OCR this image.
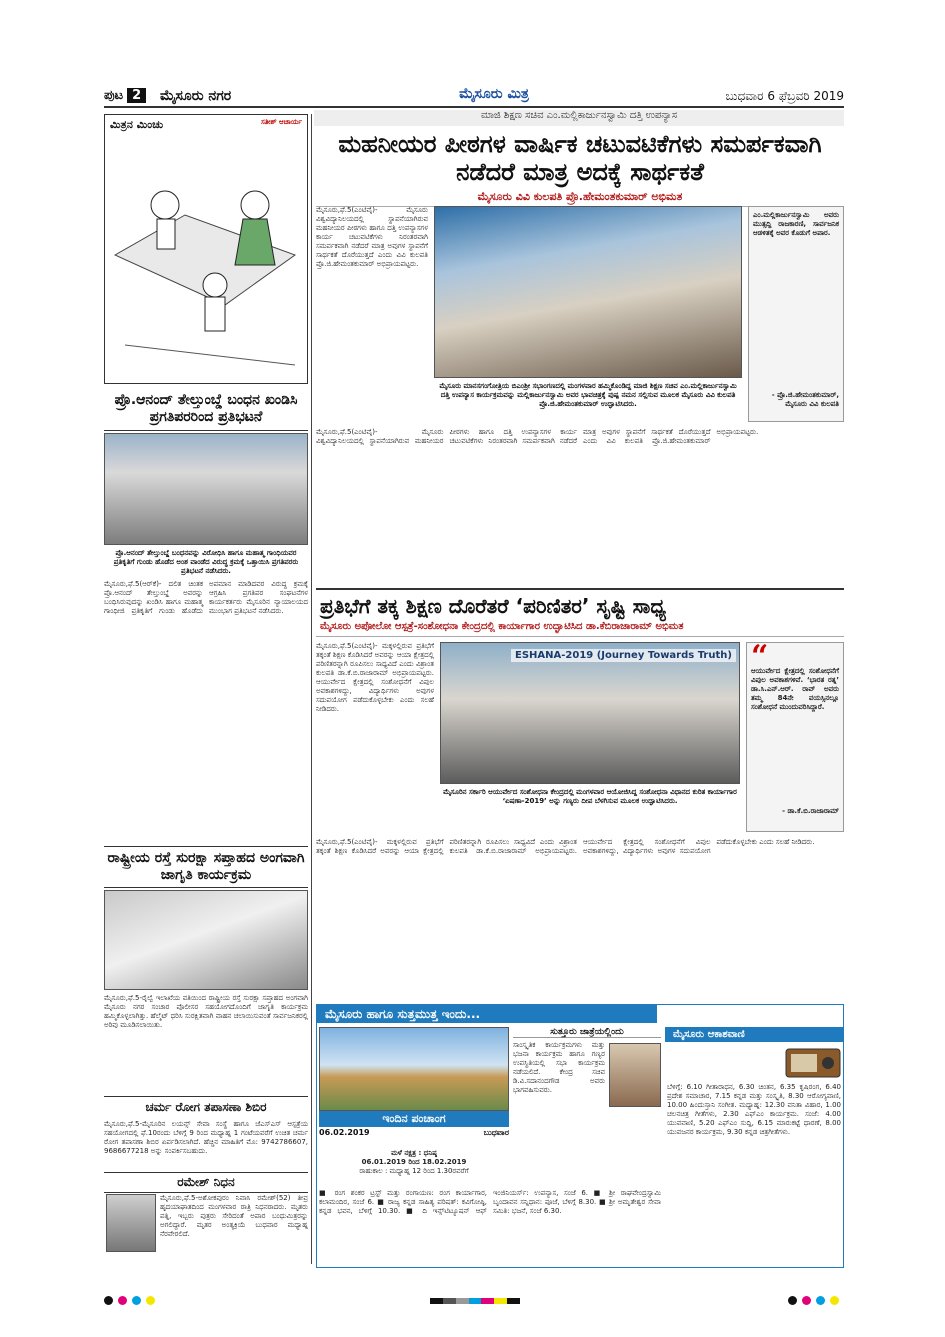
ಪುಟ 2	ಮೈಸೂರು ನಗರ	ಮೈಸೂರು ಮಿತ್ರ	ಬುಧವಾರ 6 ಫೆಬ್ರವರಿ 2019
ಮಾಜಿ ಶಿಕ್ಷಣ ಸಚಿವ ಎಂ.ಮಲ್ಲಿಕಾರ್ಜುನಸ್ವಾಮಿ ದತ್ತಿ ಉಪನ್ಯಾಸ
ಮಿತ್ರನ ಮಿಂಚು	ಸತೀಶ್ ಆಚಾರ್ಯ
ಪ್ರೊ.ಆನಂದ್ ತೇಲ್ತುಂಬ್ಡೆ ಬಂಧನ ಖಂಡಿಸಿ ಪ್ರಗತಿಪರರಿಂದ ಪ್ರತಿಭಟನೆ
ಪ್ರೊ.ಆನಂದ್ ತೇಲ್ತುಂಬ್ಡೆ ಬಂಧನವನ್ನು ವಿರೋಧಿಸಿ ಹಾಗೂ ಮಹಾತ್ಮ ಗಾಂಧಿಯವರ ಪ್ರತಿಕೃತಿಗೆ ಗುಂಡು ಹೊಡೆದ ಅಂಶ ವಾಂಡೆದ ವಿರುದ್ಧ ಕ್ರಮಕ್ಕೆ ಒತ್ತಾಯಿಸಿ ಪ್ರಗತಿಪರರು ಪ್ರತಿಭಟನೆ ನಡೆಸಿದರು.
ಮೈಸೂರು,ಫೆ.5(ಆರ್‌ಕೆ)- ದಲಿತ ಚಿಂತಕ ಪ್ರೊ.ಆನಂದ್ ತೇಲ್ತುಂಬ್ಡೆ ಅವರನ್ನು ಬಂಧಿಸಿರುವುದನ್ನು ಖಂಡಿಸಿ ಹಾಗೂ ಮಹಾತ್ಮ ಗಾಂಧೀಜಿ ಪ್ರತಿಕೃತಿಗೆ ಗುಂಡು ಹೊಡೆದು ಅಪಮಾನ ಮಾಡಿದವರ ವಿರುದ್ಧ ಕ್ರಮಕ್ಕೆ ಆಗ್ರಹಿಸಿ ಪ್ರಗತಿಪರ ಸಂಘಟನೆಗಳ ಕಾರ್ಯಕರ್ತರು ಮೈಸೂರಿನ ನ್ಯಾಯಾಲಯದ ಮುಂಭಾಗ ಪ್ರತಿಭಟನೆ ನಡೆಸಿದರು.
ರಾಷ್ಟ್ರೀಯ ರಸ್ತೆ ಸುರಕ್ಷಾ ಸಪ್ತಾಹದ ಅಂಗವಾಗಿ ಜಾಗೃತಿ ಕಾರ್ಯಕ್ರಮ
ಮೈಸೂರು,ಫೆ.5-ರೈಲ್ವೆ ಇಲಾಖೆಯ ವತಿಯಿಂದ ರಾಷ್ಟ್ರೀಯ ರಸ್ತೆ ಸುರಕ್ಷಾ ಸಪ್ತಾಹದ ಅಂಗವಾಗಿ ಮೈಸೂರು ನಗರ ಸಂಚಾರ ಪೊಲೀಸರ ಸಹಯೋಗದೊಂದಿಗೆ ಜಾಗೃತಿ ಕಾರ್ಯಕ್ರಮ ಹಮ್ಮಿಕೊಳ್ಳಲಾಗಿತ್ತು. ಹೆಲ್ಮೆಟ್ ಧರಿಸಿ ಸುರಕ್ಷಿತವಾಗಿ ವಾಹನ ಚಲಾಯಿಸುವಂತೆ ಸಾರ್ವಜನಿಕರಲ್ಲಿ ಅರಿವು ಮೂಡಿಸಲಾಯಿತು.
ಚರ್ಮ ರೋಗ ತಪಾಸಣಾ ಶಿಬಿರ
ಮೈಸೂರು,ಫೆ.5-ಮೈಸೂರಿನ ಲಯನ್ಸ್ ಸೇವಾ ಸಂಸ್ಥೆ ಹಾಗೂ ಜೆಎಸ್‌ಎಸ್ ಆಸ್ಪತ್ರೆಯ ಸಹಯೋಗದಲ್ಲಿ ಫೆ.10ರಂದು ಬೆಳಿಗ್ಗೆ 9 ರಿಂದ ಮಧ್ಯಾಹ್ನ 1 ಗಂಟೆಯವರೆಗೆ ಉಚಿತ ಚರ್ಮ ರೋಗ ತಪಾಸಣಾ ಶಿಬಿರ ಏರ್ಪಡಿಸಲಾಗಿದೆ. ಹೆಚ್ಚಿನ ಮಾಹಿತಿಗೆ ಮೊ: 9742786607, 9686677218 ಅನ್ನು ಸಂಪರ್ಕಿಸಬಹುದು.
ರಮೇಶ್ ನಿಧನ
ಮೈಸೂರು,ಫೆ.5-ಅಶೋಕಪುರಂ ನಿವಾಸಿ ರಮೇಶ್(52) ತೀವ್ರ ಹೃದಯಾಘಾತದಿಂದ ಮಂಗಳವಾರ ರಾತ್ರಿ ನಿಧನರಾದರು. ಮೃತರು ಪತ್ನಿ, ಇಬ್ಬರು ಪುತ್ರರು ಸೇರಿದಂತೆ ಅಪಾರ ಬಂಧುಮಿತ್ರರನ್ನು ಅಗಲಿದ್ದಾರೆ. ಮೃತರ ಅಂತ್ಯಕ್ರಿಯೆ ಬುಧವಾರ ಮಧ್ಯಾಹ್ನ ನೆರವೇರಲಿದೆ.
ಮಹನೀಯರ ಪೀಠಗಳ ವಾರ್ಷಿಕ ಚಟುವಟಿಕೆಗಳು ಸಮರ್ಪಕವಾಗಿ ನಡೆದರೆ ಮಾತ್ರ ಅದಕ್ಕೆ ಸಾರ್ಥಕತೆ
ಮೈಸೂರು ವಿವಿ ಕುಲಪತಿ ಪ್ರೊ.ಹೇಮಂತಕುಮಾರ್ ಅಭಿಮತ
ಮೈಸೂರು,ಫೆ.5(ಎಂಟಿವೈ)- ಮೈಸೂರು ವಿಶ್ವವಿದ್ಯಾನಿಲಯದಲ್ಲಿ ಸ್ಥಾಪನೆಯಾಗಿರುವ ಮಹನೀಯರ ಪೀಠಗಳು ಹಾಗೂ ದತ್ತಿ ಉಪನ್ಯಾಸಗಳ ಕಾರ್ಯ ಚಟುವಟಿಕೆಗಳು ನಿರಂತರವಾಗಿ ಸಮರ್ಪಕವಾಗಿ ನಡೆದರೆ ಮಾತ್ರ ಅವುಗಳ ಸ್ಥಾಪನೆಗೆ ಸಾರ್ಥಕತೆ ದೊರೆಯುತ್ತದೆ ಎಂದು ವಿವಿ ಕುಲಪತಿ ಪ್ರೊ.ಜಿ.ಹೇಮಂತಕುಮಾರ್ ಅಭಿಪ್ರಾಯಪಟ್ಟರು.
ಮೈಸೂರು ಮಾನಸಗಂಗೋತ್ರಿಯ ಬಿಎಂಶ್ರೀ ಸಭಾಂಗಣದಲ್ಲಿ ಮಂಗಳವಾರ ಹಮ್ಮಿಕೊಂಡಿದ್ದ ಮಾಜಿ ಶಿಕ್ಷಣ ಸಚಿವ ಎಂ.ಮಲ್ಲಿಕಾರ್ಜುನಸ್ವಾಮಿ ದತ್ತಿ ಉಪನ್ಯಾಸ ಕಾರ್ಯಕ್ರಮವನ್ನು ಮಲ್ಲಿಕಾರ್ಜುನಸ್ವಾಮಿ ಅವರ ಭಾವಚಿತ್ರಕ್ಕೆ ಪುಷ್ಪ ನಮನ ಸಲ್ಲಿಸುವ ಮೂಲಕ ಮೈಸೂರು ವಿವಿ ಕುಲಪತಿ ಪ್ರೊ.ಜಿ.ಹೇಮಂತಕುಮಾರ್ ಉದ್ಘಾಟಿಸಿದರು.
ಎಂ.ಮಲ್ಲಿಕಾರ್ಜುನಸ್ವಾಮಿ ಅವರು ಮುತ್ಸದ್ದಿ ರಾಜಕಾರಣಿ, ಸಾರ್ವಜನಿಕ ಆಡಳಿತಕ್ಕೆ ಅವರ ಕೊಡುಗೆ ಅಪಾರ.
- ಪ್ರೊ.ಜಿ.ಹೇಮಂತಕುಮಾರ್, ಮೈಸೂರು ವಿವಿ ಕುಲಪತಿ
ಮೈಸೂರು,ಫೆ.5(ಎಂಟಿವೈ)- ಮೈಸೂರು ವಿಶ್ವವಿದ್ಯಾನಿಲಯದಲ್ಲಿ ಸ್ಥಾಪನೆಯಾಗಿರುವ ಮಹನೀಯರ ಪೀಠಗಳು ಹಾಗೂ ದತ್ತಿ ಉಪನ್ಯಾಸಗಳ ಕಾರ್ಯ ಚಟುವಟಿಕೆಗಳು ನಿರಂತರವಾಗಿ ಸಮರ್ಪಕವಾಗಿ ನಡೆದರೆ ಮಾತ್ರ ಅವುಗಳ ಸ್ಥಾಪನೆಗೆ ಸಾರ್ಥಕತೆ ದೊರೆಯುತ್ತದೆ ಎಂದು ವಿವಿ ಕುಲಪತಿ ಪ್ರೊ.ಜಿ.ಹೇಮಂತಕುಮಾರ್ ಅಭಿಪ್ರಾಯಪಟ್ಟರು.
ಪ್ರತಿಭೆಗೆ ತಕ್ಕ ಶಿಕ್ಷಣ ದೊರೆತರೆ ‘ಪರಿಣಿತರ’ ಸೃಷ್ಟಿ ಸಾಧ್ಯ
ಮೈಸೂರು ಅಪೋಲೋ ಆಸ್ಪತ್ರೆ-ಸಂಶೋಧನಾ ಕೇಂದ್ರದಲ್ಲಿ ಕಾರ್ಯಾಗಾರ ಉದ್ಘಾಟಿಸಿದ ಡಾ.ಕೆಬಿರಾಜಾರಾಮ್ ಅಭಿಮತ
ಮೈಸೂರು,ಫೆ.5(ಎಂಟಿವೈ)- ಮಕ್ಕಳಲ್ಲಿರುವ ಪ್ರತಿಭೆಗೆ ತಕ್ಕಂತೆ ಶಿಕ್ಷಣ ಕೊಡಿಸಿದರೆ ಅವರನ್ನು ಆಯಾ ಕ್ಷೇತ್ರದಲ್ಲಿ ಪರಿಣಿತರನ್ನಾಗಿ ರೂಪಿಸಲು ಸಾಧ್ಯವಿದೆ ಎಂದು ವಿಶ್ರಾಂತ ಕುಲಪತಿ ಡಾ.ಕೆ.ಬಿ.ರಾಜಾರಾಮ್ ಅಭಿಪ್ರಾಯಪಟ್ಟರು. ಆಯುರ್ವೇದ ಕ್ಷೇತ್ರದಲ್ಲಿ ಸಂಶೋಧನೆಗೆ ವಿಪುಲ ಅವಕಾಶಗಳಿದ್ದು, ವಿದ್ಯಾರ್ಥಿಗಳು ಅವುಗಳ ಸದುಪಯೋಗ ಪಡೆದುಕೊಳ್ಳಬೇಕು ಎಂದು ಸಲಹೆ ನೀಡಿದರು.
ESHANA-2019 (Journey Towards Truth)
ಮೈಸೂರಿನ ಸರ್ಕಾರಿ ಆಯುರ್ವೇದ ಸಂಶೋಧನಾ ಕೇಂದ್ರದಲ್ಲಿ ಮಂಗಳವಾರ ಆಯೋಜಿಸಿದ್ದ ಸಂಶೋಧನಾ ವಿಧಾನದ ಕುರಿತ ಕಾರ್ಯಾಗಾರ ‘ಏಷಣಾ-2019’ ಅನ್ನು ಗಣ್ಯರು ದೀಪ ಬೆಳಗಿಸುವ ಮೂಲಕ ಉದ್ಘಾಟಿಸಿದರು.
“
ಆಯುರ್ವೇದ ಕ್ಷೇತ್ರದಲ್ಲಿ ಸಂಶೋಧನೆಗೆ ವಿಪುಲ ಅವಕಾಶಗಳಿವೆ. ‘ಭಾರತ ರತ್ನ’ ಡಾ.ಸಿ.ಎನ್.ಆರ್. ರಾವ್ ಅವರು ತಮ್ಮ 84ನೇ ವಯಸ್ಸಿನಲ್ಲೂ ಸಂಶೋಧನೆ ಮುಂದುವರಿಸಿದ್ದಾರೆ.
- ಡಾ.ಕೆ.ಬಿ.ರಾಜಾರಾಮ್
ಮೈಸೂರು,ಫೆ.5(ಎಂಟಿವೈ)- ಮಕ್ಕಳಲ್ಲಿರುವ ಪ್ರತಿಭೆಗೆ ತಕ್ಕಂತೆ ಶಿಕ್ಷಣ ಕೊಡಿಸಿದರೆ ಅವರನ್ನು ಆಯಾ ಕ್ಷೇತ್ರದಲ್ಲಿ ಪರಿಣಿತರನ್ನಾಗಿ ರೂಪಿಸಲು ಸಾಧ್ಯವಿದೆ ಎಂದು ವಿಶ್ರಾಂತ ಕುಲಪತಿ ಡಾ.ಕೆ.ಬಿ.ರಾಜಾರಾಮ್ ಅಭಿಪ್ರಾಯಪಟ್ಟರು. ಆಯುರ್ವೇದ ಕ್ಷೇತ್ರದಲ್ಲಿ ಸಂಶೋಧನೆಗೆ ವಿಪುಲ ಅವಕಾಶಗಳಿದ್ದು, ವಿದ್ಯಾರ್ಥಿಗಳು ಅವುಗಳ ಸದುಪಯೋಗ ಪಡೆದುಕೊಳ್ಳಬೇಕು ಎಂದು ಸಲಹೆ ನೀಡಿದರು.
ಮೈಸೂರು ಹಾಗೂ ಸುತ್ತಮುತ್ತ ಇಂದು...
ಇಂದಿನ ಪಂಚಾಂಗ
06.02.2019	ಬುಧವಾರ
ಮಳೆ ನಕ್ಷತ್ರ : ಧನಿಷ್ಠ
06.01.2019 ರಿಂದ 18.02.2019
ರಾಹುಕಾಲ : ಮಧ್ಯಾಹ್ನ 12 ರಿಂದ 1.30ರವರೆಗೆ
ಸುತ್ತೂರು ಜಾತ್ರೆಯಲ್ಲಿಂದು
ಸಾಂಸ್ಕೃತಿಕ ಕಾರ್ಯಕ್ರಮಗಳು ಮತ್ತು ಭಜನಾ ಕಾರ್ಯಕ್ರಮ ಹಾಗೂ ಗಣ್ಯರ ಉಪಸ್ಥಿತಿಯಲ್ಲಿ ಸಭಾ ಕಾರ್ಯಕ್ರಮ ನಡೆಯಲಿದೆ. ಕೇಂದ್ರ ಸಚಿವ ಡಿ.ವಿ.ಸದಾನಂದಗೌಡ ಅವರು ಭಾಗವಹಿಸುವರು.
■ ರಂಗ ಶಂಕರ ಟ್ರಸ್ಟ್ ಮತ್ತು ರಂಗಾಯಣ: ರಂಗ ಕಾರ್ಯಾಗಾರ, ಕಲಾಮಂದಿರ, ಸಂಜೆ 6. ■ ರಾಜ್ಯ ಕನ್ನಡ ಸಾಹಿತ್ಯ ಪರಿಷತ್: ಕವಿಗೋಷ್ಠಿ, ಕನ್ನಡ ಭವನ, ಬೆಳಿಗ್ಗೆ 10.30. ■ ದಿ ಇನ್ಸ್‌ಟಿಟ್ಯೂಷನ್ ಆಫ್ ಇಂಜಿನಿಯರ್ಸ್: ಉಪನ್ಯಾಸ, ಸಂಜೆ 6. ■ ಶ್ರೀ ರಾಘವೇಂದ್ರಸ್ವಾಮಿ ಬೃಂದಾವನ ಸನ್ನಿಧಾನ: ಪೂಜೆ, ಬೆಳಿಗ್ಗೆ 8.30. ■ ಶ್ರೀ ಅಮೃತೇಶ್ವರ ಸೇವಾ ಸಮಿತಿ: ಭಜನೆ, ಸಂಜೆ 6.30.
ಮೈಸೂರು ಆಕಾಶವಾಣಿ
ಬೆಳಿಗ್ಗೆ: 6.10 ಗೀತಾರಾಧನ, 6.30 ಚಿಂತನ, 6.35 ಕೃಷಿರಂಗ, 6.40 ಪ್ರದೇಶ ಸಮಾಚಾರ, 7.15 ಕನ್ನಡ ಮತ್ತು ಸಂಸ್ಕೃತಿ, 8.30 ಆರೋಗ್ಯವಾಣಿ, 10.00 ಹಿಂದುಸ್ತಾನಿ ಸಂಗೀತ. ಮಧ್ಯಾಹ್ನ: 12.30 ವನಿತಾ ವಿಹಾರ, 1.00 ಚಲನಚಿತ್ರ ಗೀತೆಗಳು, 2.30 ಎಫ್‌ಎಂ ಕಾರ್ಯಕ್ರಮ. ಸಂಜೆ: 4.00 ಯುವವಾಣಿ, 5.20 ಎಫ್‌ಎಂ ಸುದ್ದಿ, 6.15 ಮಾರುಕಟ್ಟೆ ಧಾರಣೆ, 8.00 ಯುವಜನರ ಕಾರ್ಯಕ್ರಮ, 9.30 ಕನ್ನಡ ಚಿತ್ರಗೀತೆಗಳು.
